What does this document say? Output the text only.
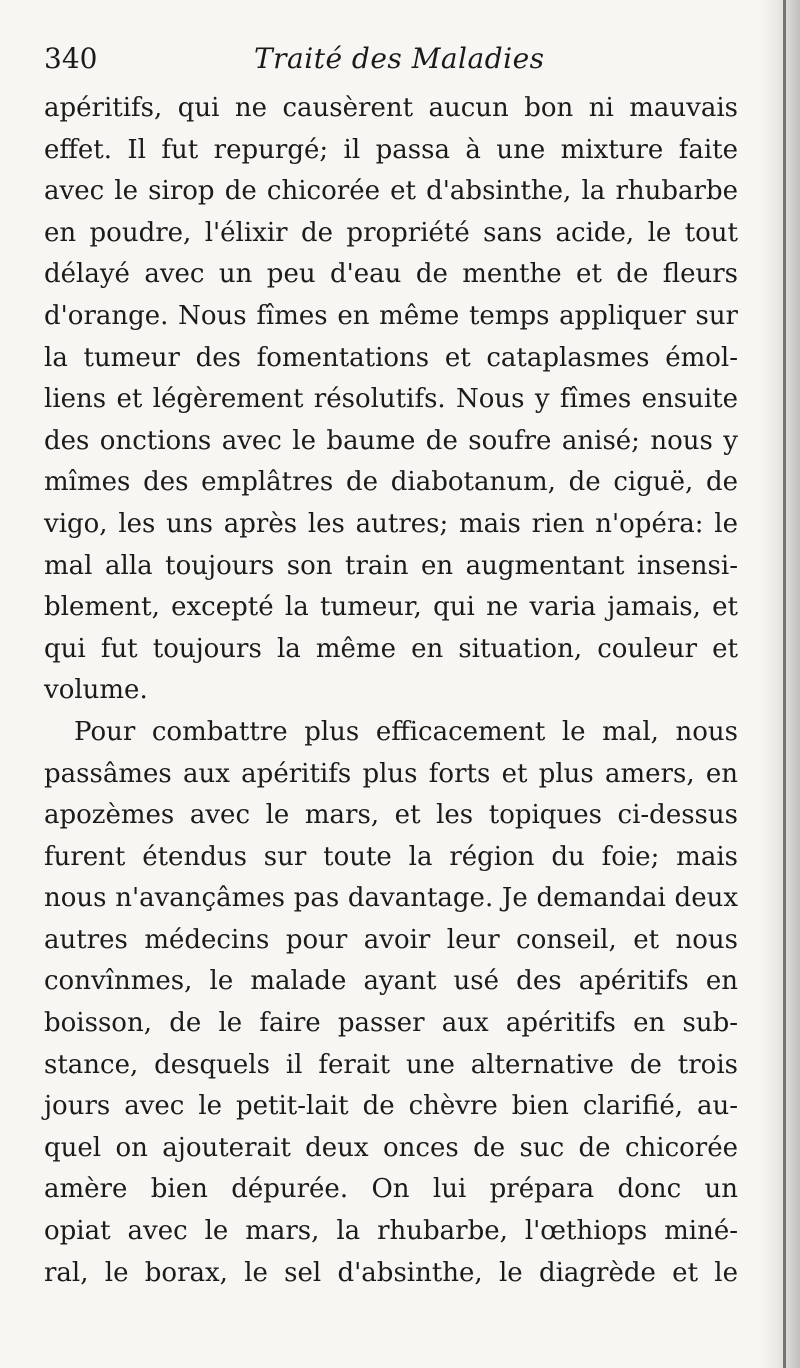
340	Traité des Maladies
apéritifs, qui ne causèrent aucun bon ni mauvais
effet. Il fut repurgé; il passa à une mixture faite
avec le sirop de chicorée et d'absinthe, la rhubarbe
en poudre, l'élixir de propriété sans acide, le tout
délayé avec un peu d'eau de menthe et de fleurs
d'orange. Nous fîmes en même temps appliquer sur
la tumeur des fomentations et cataplasmes émol-
liens et légèrement résolutifs. Nous y fîmes ensuite
des onctions avec le baume de soufre anisé; nous y
mîmes des emplâtres de diabotanum, de ciguë, de
vigo, les uns après les autres; mais rien n'opéra: le
mal alla toujours son train en augmentant insensi-
blement, excepté la tumeur, qui ne varia jamais, et
qui fut toujours la même en situation, couleur et
volume.
Pour combattre plus efficacement le mal, nous
passâmes aux apéritifs plus forts et plus amers, en
apozèmes avec le mars, et les topiques ci-dessus
furent étendus sur toute la région du foie; mais
nous n'avançâmes pas davantage. Je demandai deux
autres médecins pour avoir leur conseil, et nous
convînmes, le malade ayant usé des apéritifs en
boisson, de le faire passer aux apéritifs en sub-
stance, desquels il ferait une alternative de trois
jours avec le petit-lait de chèvre bien clarifié, au-
quel on ajouterait deux onces de suc de chicorée
amère bien dépurée. On lui prépara donc un
opiat avec le mars, la rhubarbe, l'œthiops miné-
ral, le borax, le sel d'absinthe, le diagrède et le
